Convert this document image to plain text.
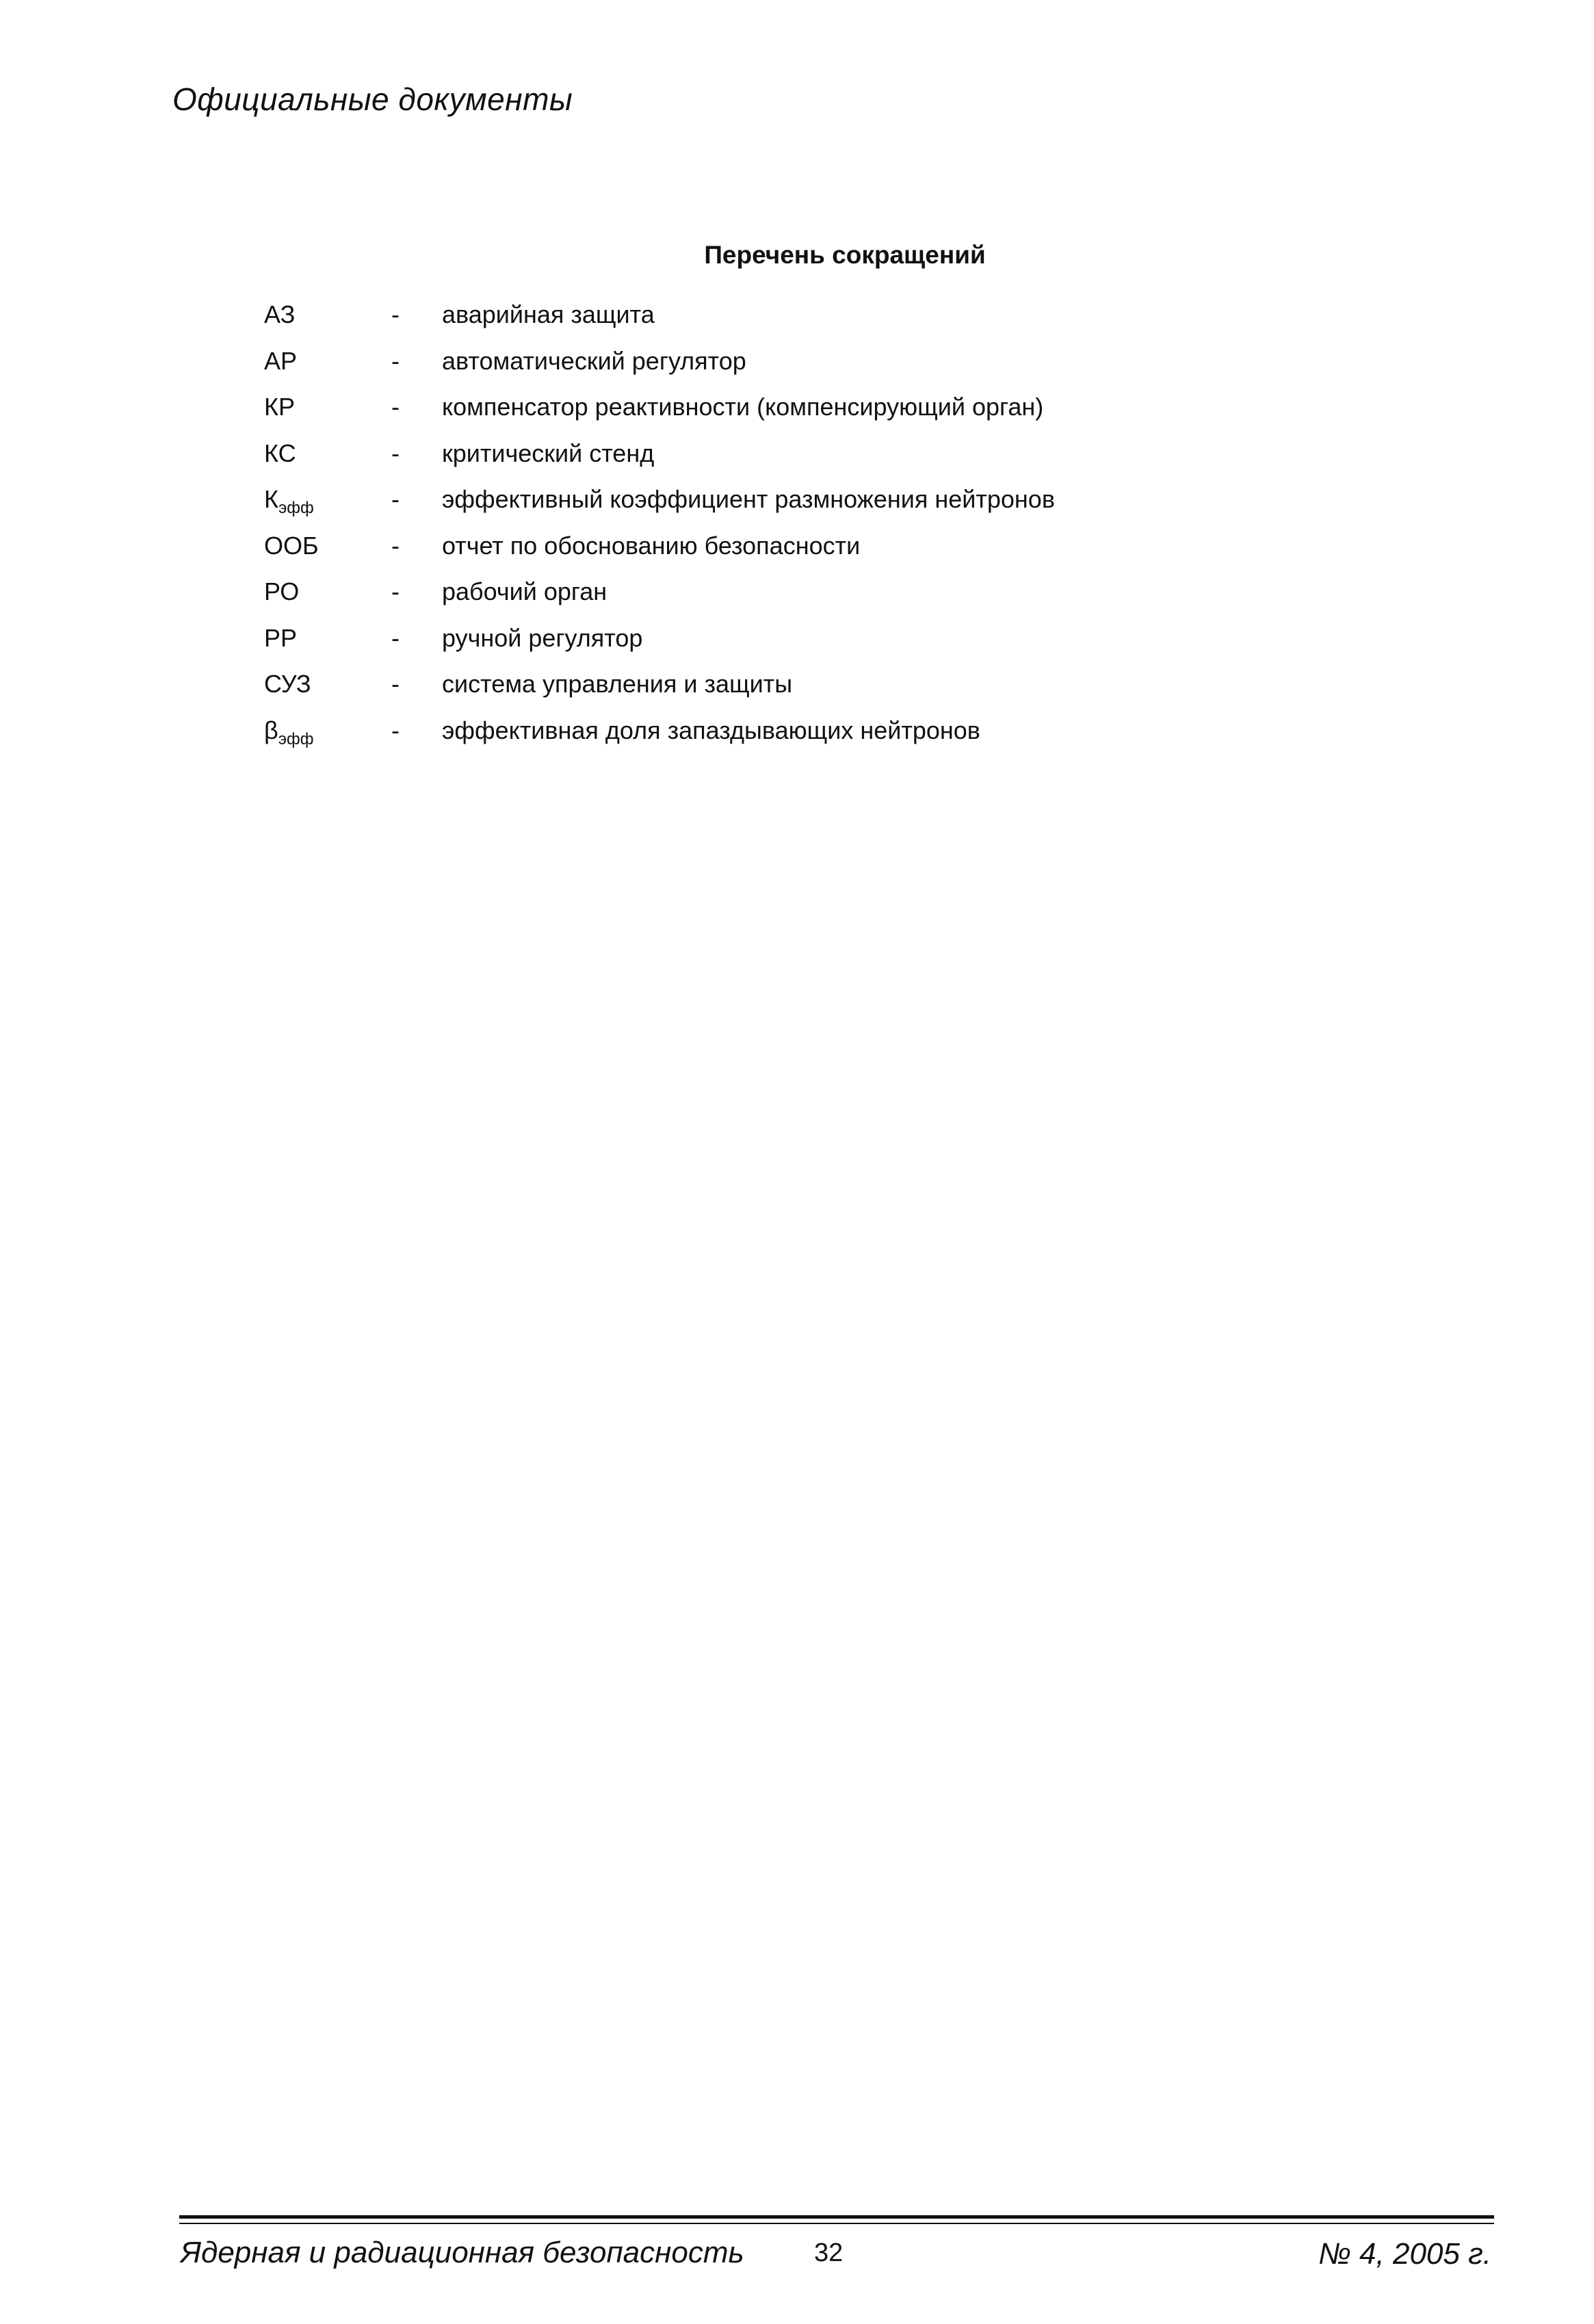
Официальные документы
Перечень сокращений
АЗ	- аварийная защита
АР	- автоматический регулятор
КР	- компенсатор реактивности (компенсирующий орган)
КС	- критический стенд
$К_{эфф}$	- эффективный коэффициент размножения нейтронов
ООБ	- отчет по обоснованию безопасности
РО	- рабочий орган
РР	- ручной регулятор
СУЗ	- система управления и защиты
$\beta_{эфф}$	- эффективная доля запаздывающих нейтронов
Ядерная и радиационная безопасность	32	№ 4, 2005 г.
